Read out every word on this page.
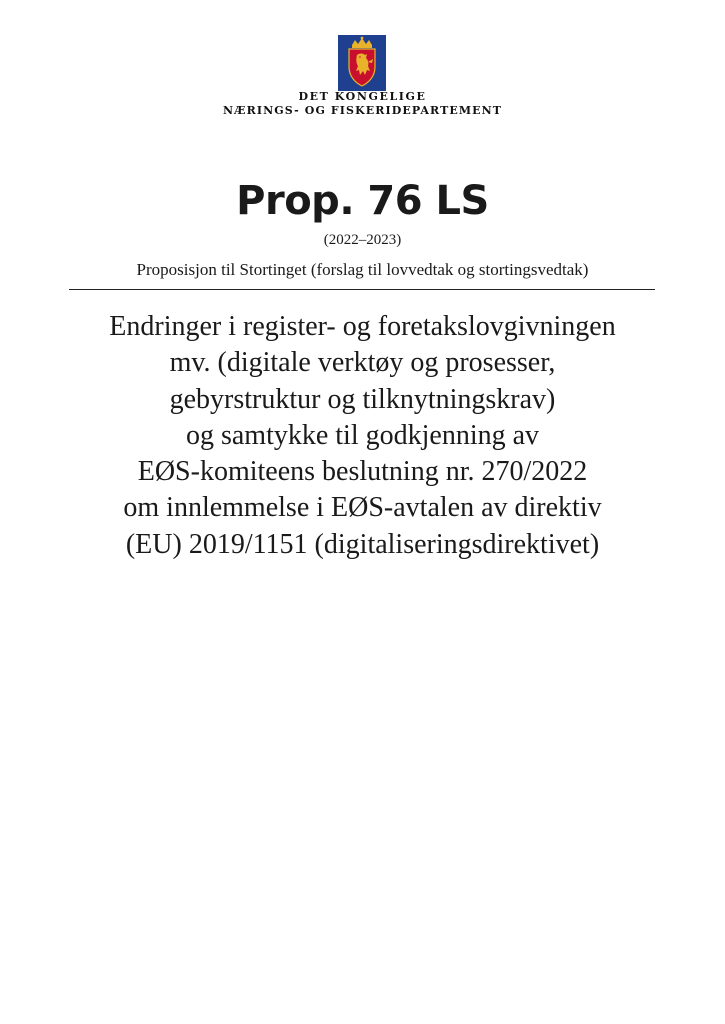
DET KONGELIGE
NÆRINGS- OG FISKERIDEPARTEMENT
Prop. 76 LS
(2022–2023)
Proposisjon til Stortinget (forslag til lovvedtak og stortingsvedtak)
Endringer i register- og foretakslovgivningen
mv. (digitale verktøy og prosesser,
gebyrstruktur og tilknytningskrav)
og samtykke til godkjenning av
EØS-komiteens beslutning nr. 270/2022
om innlemmelse i EØS-avtalen av direktiv
(EU) 2019/1151 (digitaliseringsdirektivet)
